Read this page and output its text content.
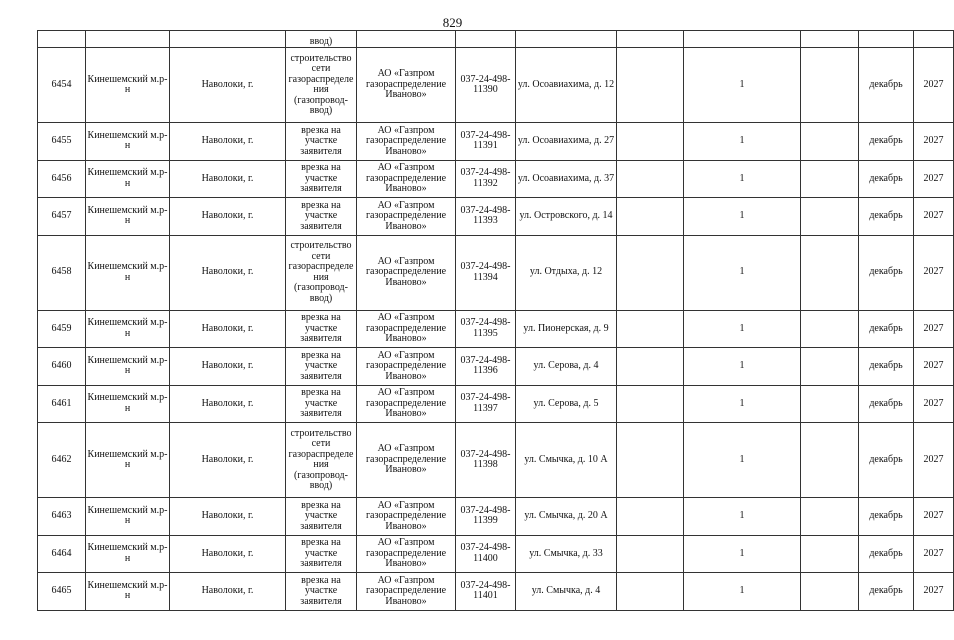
829
			ввод)								
6454	Кинешемский м.р-н	Наволоки, г.	строительство сети газораспределения (газопровод-ввод)	АО «Газпром газораспределение Иваново»	037-24-498-11390	ул. Осоавиахима, д. 12		1		декабрь	2027
6455	Кинешемский м.р-н	Наволоки, г.	врезка на участке заявителя	АО «Газпром газораспределение Иваново»	037-24-498-11391	ул. Осоавиахима, д. 27		1		декабрь	2027
6456	Кинешемский м.р-н	Наволоки, г.	врезка на участке заявителя	АО «Газпром газораспределение Иваново»	037-24-498-11392	ул. Осоавиахима, д. 37		1		декабрь	2027
6457	Кинешемский м.р-н	Наволоки, г.	врезка на участке заявителя	АО «Газпром газораспределение Иваново»	037-24-498-11393	ул. Островского, д. 14		1		декабрь	2027
6458	Кинешемский м.р-н	Наволоки, г.	строительство сети газораспределения (газопровод-ввод)	АО «Газпром газораспределение Иваново»	037-24-498-11394	ул. Отдыха, д. 12		1		декабрь	2027
6459	Кинешемский м.р-н	Наволоки, г.	врезка на участке заявителя	АО «Газпром газораспределение Иваново»	037-24-498-11395	ул. Пионерская, д. 9		1		декабрь	2027
6460	Кинешемский м.р-н	Наволоки, г.	врезка на участке заявителя	АО «Газпром газораспределение Иваново»	037-24-498-11396	ул. Серова, д. 4		1		декабрь	2027
6461	Кинешемский м.р-н	Наволоки, г.	врезка на участке заявителя	АО «Газпром газораспределение Иваново»	037-24-498-11397	ул. Серова, д. 5		1		декабрь	2027
6462	Кинешемский м.р-н	Наволоки, г.	строительство сети газораспределения (газопровод-ввод)	АО «Газпром газораспределение Иваново»	037-24-498-11398	ул. Смычка, д. 10 А		1		декабрь	2027
6463	Кинешемский м.р-н	Наволоки, г.	врезка на участке заявителя	АО «Газпром газораспределение Иваново»	037-24-498-11399	ул. Смычка, д. 20 А		1		декабрь	2027
6464	Кинешемский м.р-н	Наволоки, г.	врезка на участке заявителя	АО «Газпром газораспределение Иваново»	037-24-498-11400	ул. Смычка, д. 33		1		декабрь	2027
6465	Кинешемский м.р-н	Наволоки, г.	врезка на участке заявителя	АО «Газпром газораспределение Иваново»	037-24-498-11401	ул. Смычка, д. 4		1		декабрь	2027
